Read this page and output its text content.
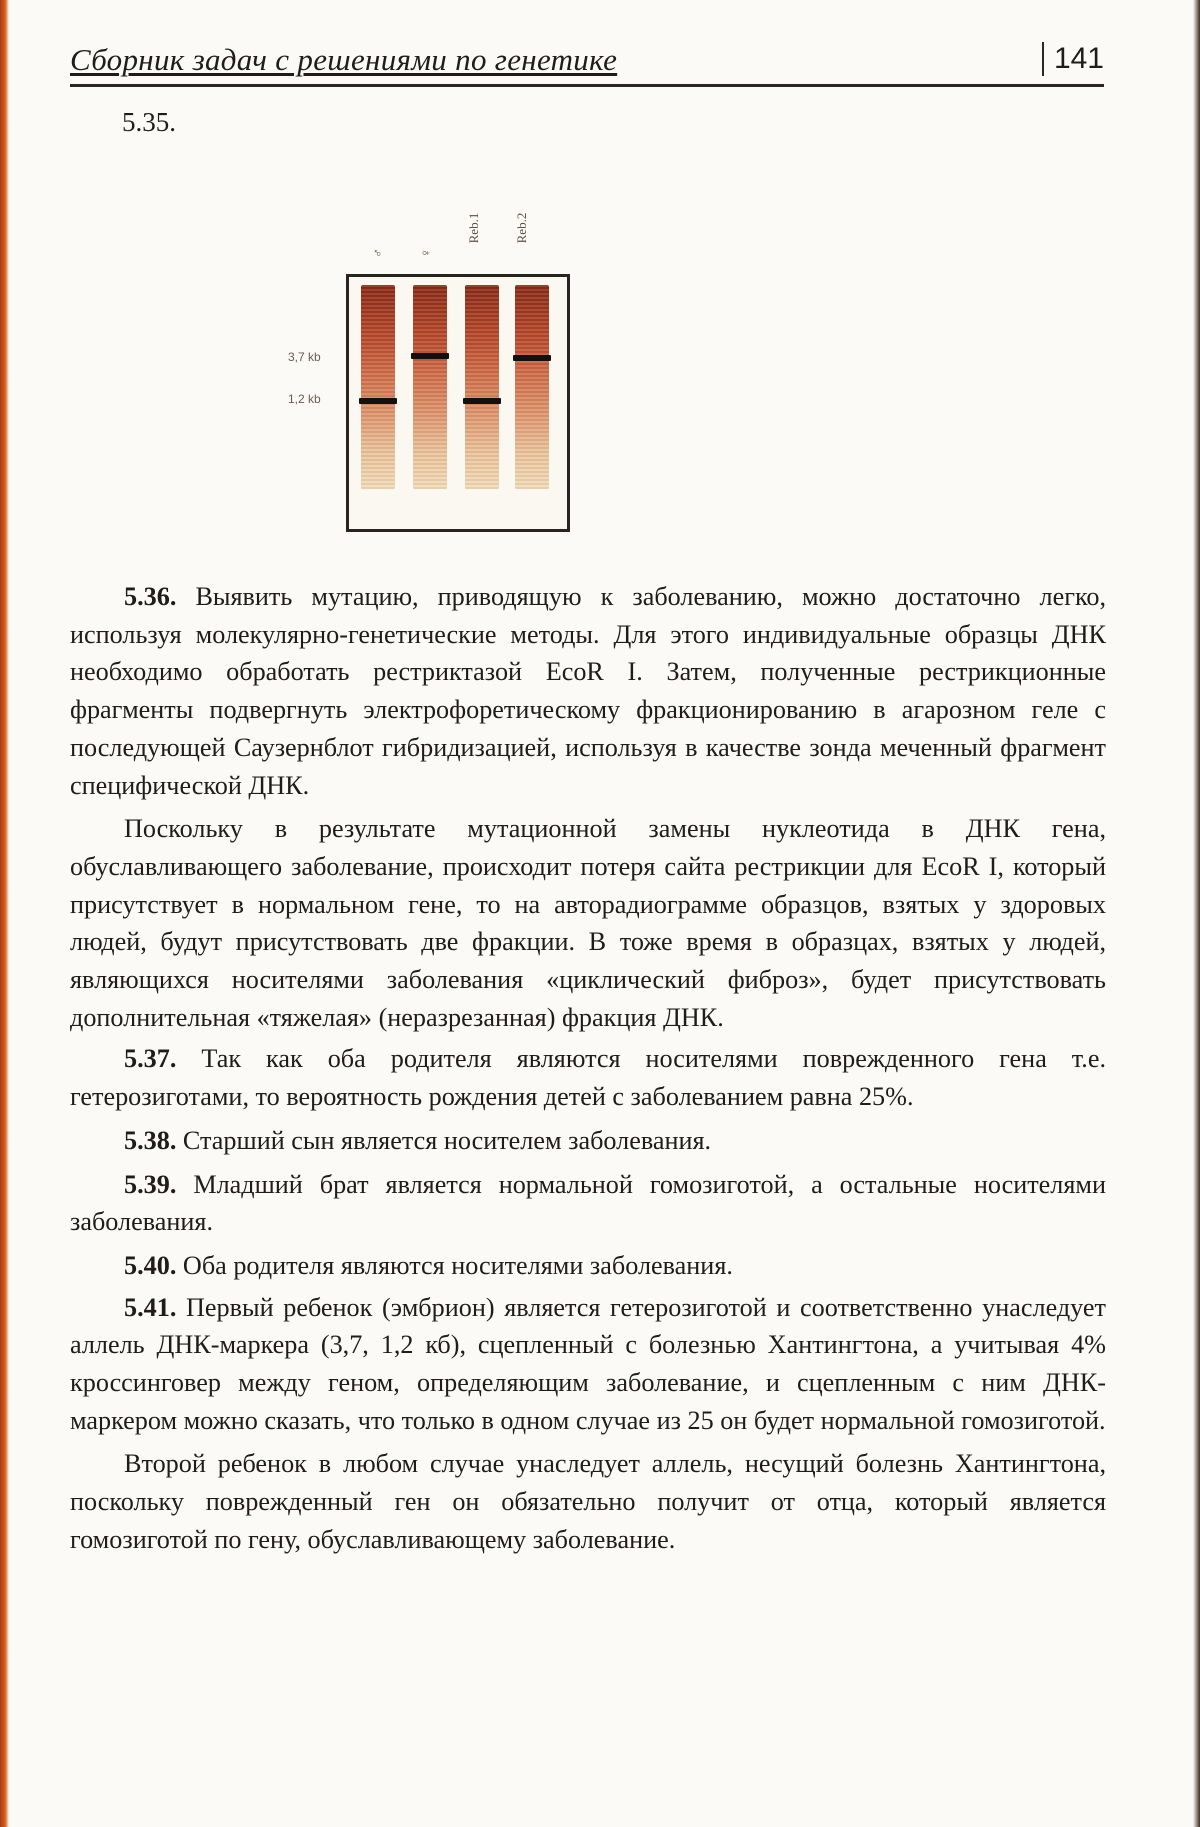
Сборник задач с решениями по генетике	141
5.35.
♂	♀
Reb.1	Reb.2
3,7 kb
1,2 kb

5.36. Выявить мутацию, приводящую к заболеванию, можно достаточно легко, используя молекулярно-генетические методы. Для этого индивидуальные образцы ДНК необходимо обработать рестриктазой EcoR I. Затем, полученные рестрикционные фрагменты подвергнуть электрофоретическому фракционированию в агарозном геле с последующей Саузернблот гибридизацией, используя в качестве зонда меченный фрагмент специфической ДНК.

Поскольку в результате мутационной замены нуклеотида в ДНК гена, обуславливающего заболевание, происходит потеря сайта рестрикции для EcoR I, который присутствует в нормальном гене, то на авторадиограмме образцов, взятых у здоровых людей, будут присутствовать две фракции. В тоже время в образцах, взятых у людей, являющихся носителями заболевания «циклический фиброз», будет присутствовать дополнительная «тяжелая» (неразрезанная) фракция ДНК.

5.37. Так как оба родителя являются носителями поврежденного гена т.е. гетерозиготами, то вероятность рождения детей с заболеванием равна 25%.

5.38. Старший сын является носителем заболевания.

5.39. Младший брат является нормальной гомозиготой, а остальные носителями заболевания.

5.40. Оба родителя являются носителями заболевания.

5.41. Первый ребенок (эмбрион) является гетерозиготой и соответственно унаследует аллель ДНК-маркера (3,7, 1,2 кб), сцепленный с болезнью Хантингтона, а учитывая 4% кроссинговер между геном, определяющим заболевание, и сцепленным с ним ДНК- маркером можно сказать, что только в одном случае из 25 он будет нормальной гомозиготой.

Второй ребенок в любом случае унаследует аллель, несущий болезнь Хантингтона, поскольку поврежденный ген он обязательно получит от отца, который является гомозиготой по гену, обуславливающему заболевание.
